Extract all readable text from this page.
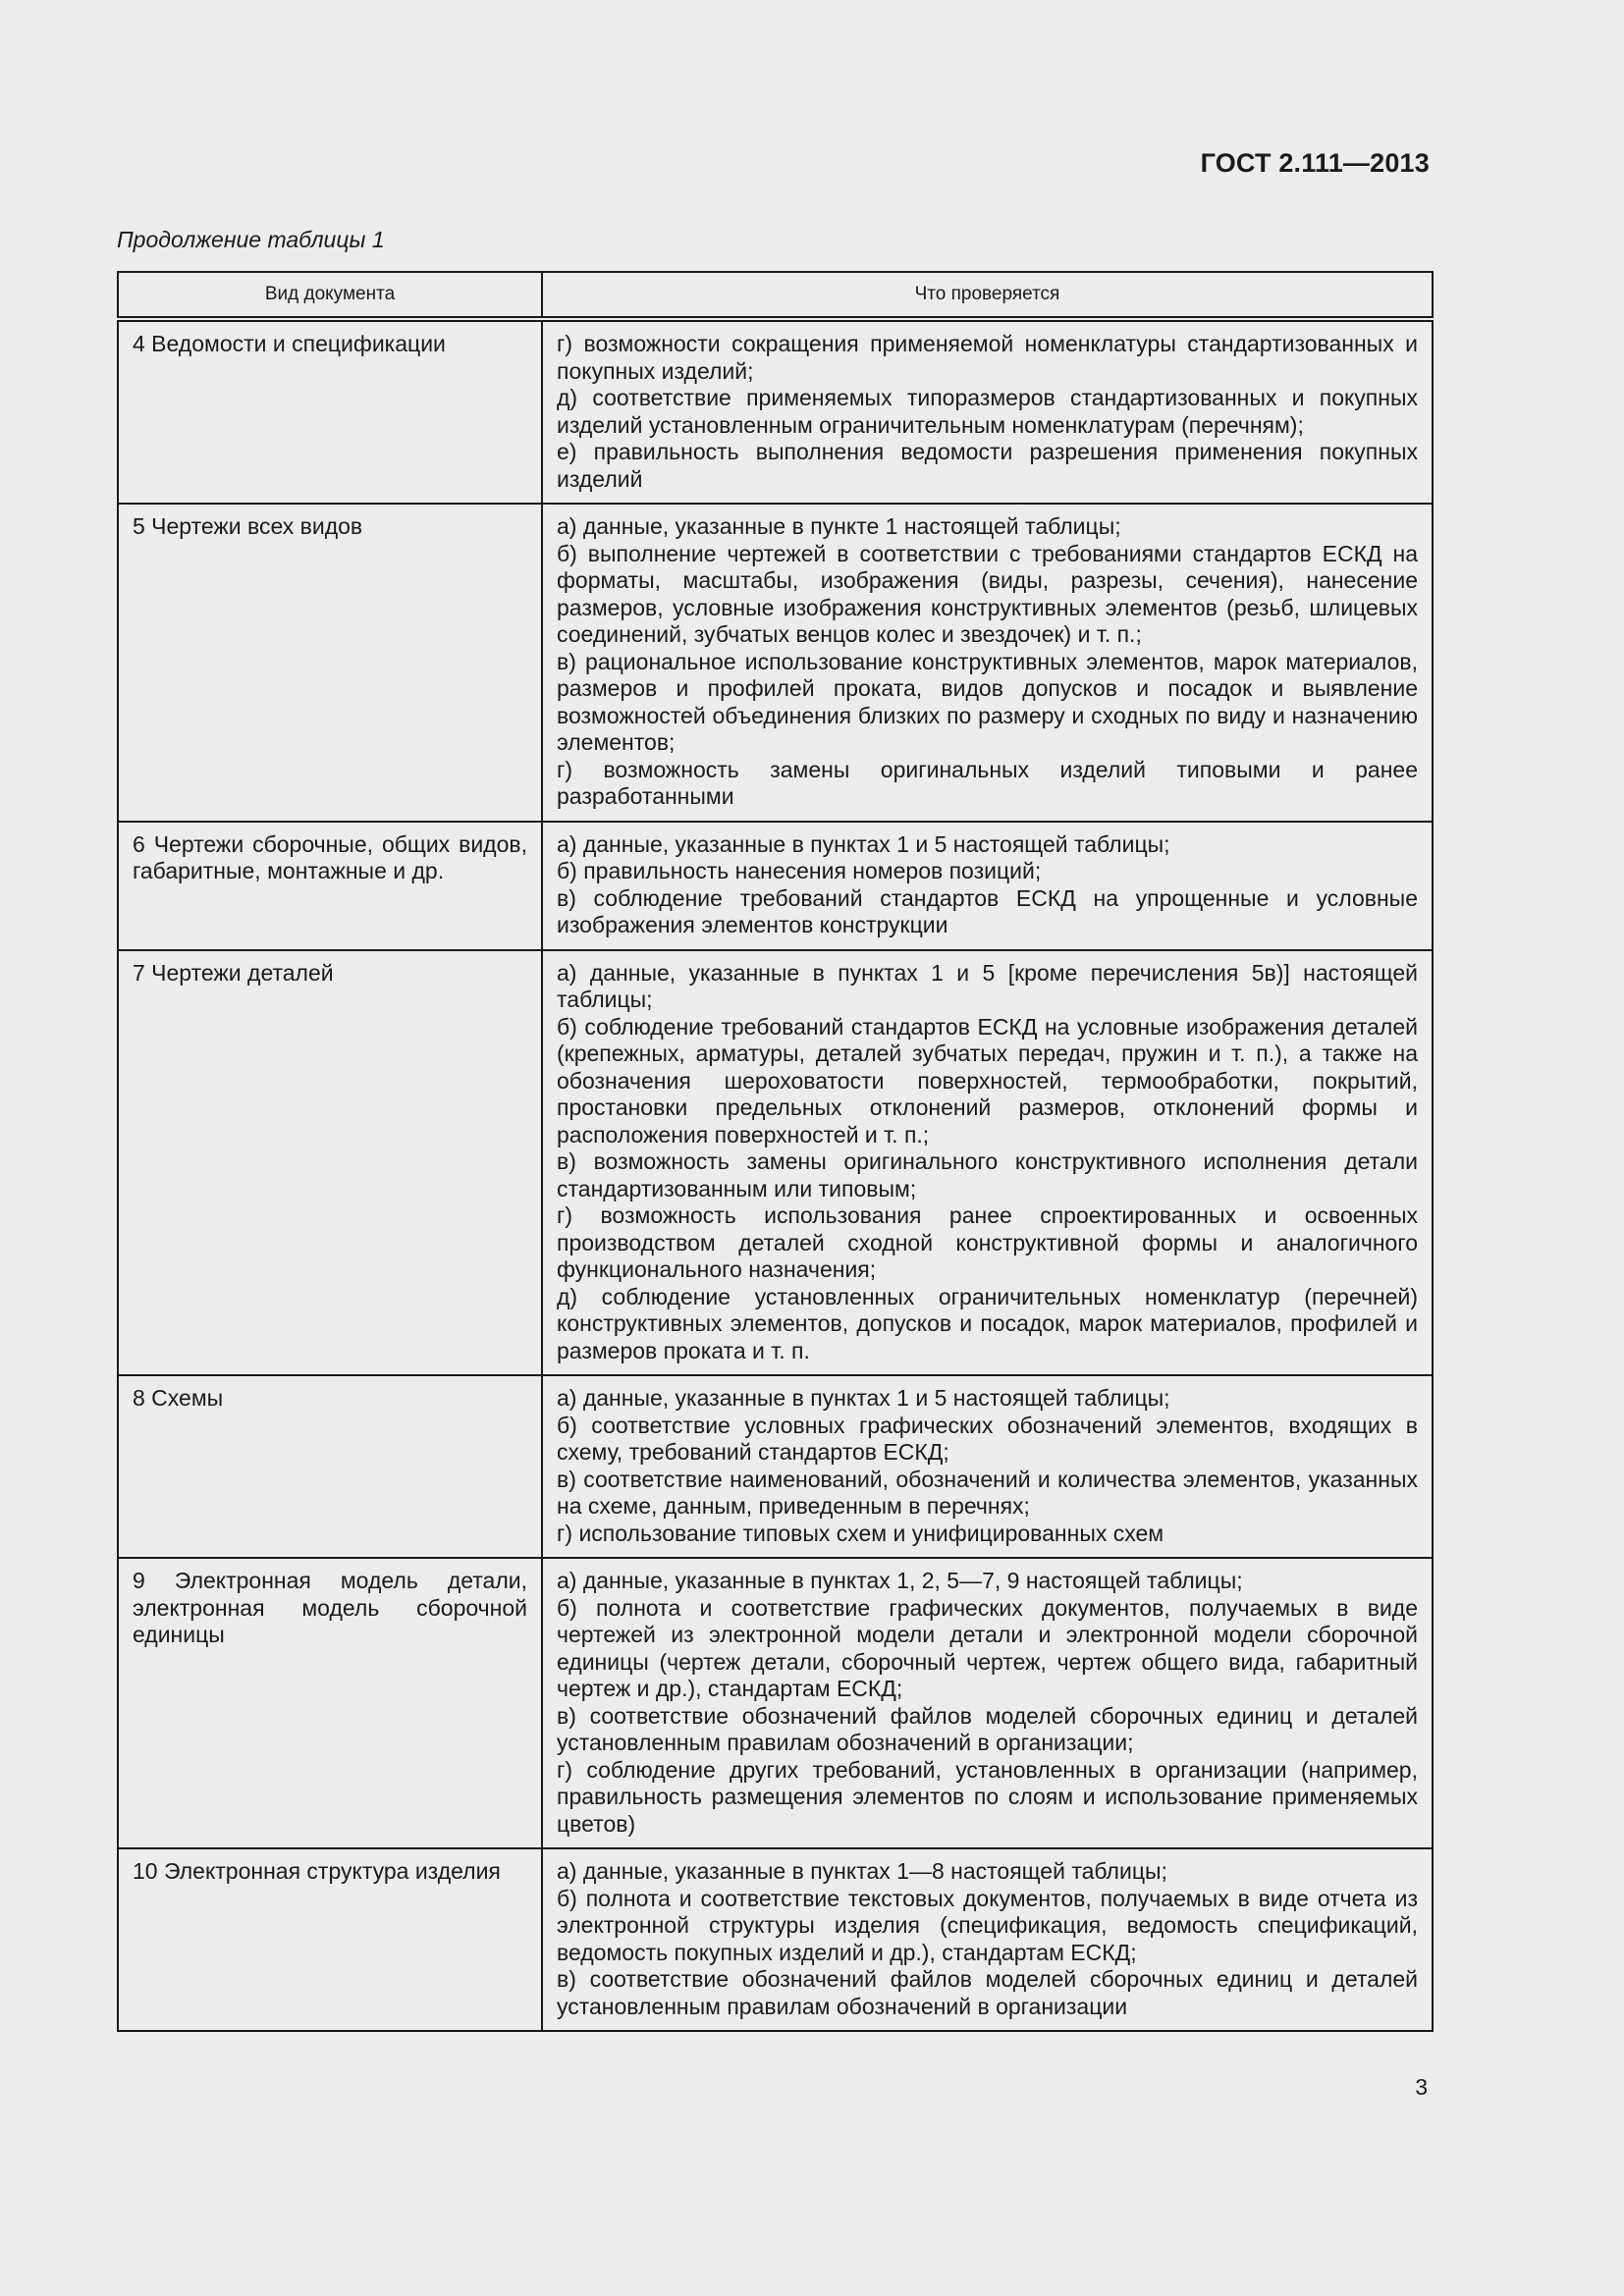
ГОСТ 2.111—2013
Продолжение таблицы 1
Вид документа	Что проверяется
4 Ведомости и спецификации	г) возможности сокращения применяемой номенклатуры стандартизованных и покупных изделий;
д) соответствие применяемых типоразмеров стандартизованных и покупных изделий установленным ограничительным номенклатурам (перечням);
е) правильность выполнения ведомости разрешения применения покупных изделий

5 Чертежи всех видов	а) данные, указанные в пункте 1 настоящей таблицы;
б) выполнение чертежей в соответствии с требованиями стандартов ЕСКД на форматы, масштабы, изображения (виды, разрезы, сечения), нанесение размеров, условные изображения конструктивных элементов (резьб, шлицевых соединений, зубчатых венцов колес и звездочек) и т. п.;
в) рациональное использование конструктивных элементов, марок материалов, размеров и профилей проката, видов допусков и посадок и выявление возможностей объединения близких по размеру и сходных по виду и назначению элементов;
г) возможность замены оригинальных изделий типовыми и ранее разработанными

6 Чертежи сборочные, общих видов, габаритные, монтажные и др.	а) данные, указанные в пунктах 1 и 5 настоящей таблицы;
б) правильность нанесения номеров позиций;
в) соблюдение требований стандартов ЕСКД на упрощенные и условные изображения элементов конструкции

7 Чертежи деталей	а) данные, указанные в пунктах 1 и 5 [кроме перечисления 5в)] настоящей таблицы;
б) соблюдение требований стандартов ЕСКД на условные изображения деталей (крепежных, арматуры, деталей зубчатых передач, пружин и т. п.), а также на обозначения шероховатости поверхностей, термообработки, покрытий, простановки предельных отклонений размеров, отклонений формы и расположения поверхностей и т. п.;
в) возможность замены оригинального конструктивного исполнения детали стандартизованным или типовым;
г) возможность использования ранее спроектированных и освоенных производством деталей сходной конструктивной формы и аналогичного функционального назначения;
д) соблюдение установленных ограничительных номенклатур (перечней) конструктивных элементов, допусков и посадок, марок материалов, профилей и размеров проката и т. п.

8 Схемы	а) данные, указанные в пунктах 1 и 5 настоящей таблицы;
б) соответствие условных графических обозначений элементов, входящих в схему, требований стандартов ЕСКД;
в) соответствие наименований, обозначений и количества элементов, указанных на схеме, данным, приведенным в перечнях;
г) использование типовых схем и унифицированных схем

9 Электронная модель детали, электронная модель сборочной единицы	а) данные, указанные в пунктах 1, 2, 5—7, 9 настоящей таблицы;
б) полнота и соответствие графических документов, получаемых в виде чертежей из электронной модели детали и электронной модели сборочной единицы (чертеж детали, сборочный чертеж, чертеж общего вида, габаритный чертеж и др.), стандартам ЕСКД;
в) соответствие обозначений файлов моделей сборочных единиц и деталей установленным правилам обозначений в организации;
г) соблюдение других требований, установленных в организации (например, правильность размещения элементов по слоям и использование применяемых цветов)

10 Электронная структура изделия	а) данные, указанные в пунктах 1—8 настоящей таблицы;
б) полнота и соответствие текстовых документов, получаемых в виде отчета из электронной структуры изделия (спецификация, ведомость спецификаций, ведомость покупных изделий и др.), стандартам ЕСКД;
в) соответствие обозначений файлов моделей сборочных единиц и деталей установленным правилам обозначений в организации
3
